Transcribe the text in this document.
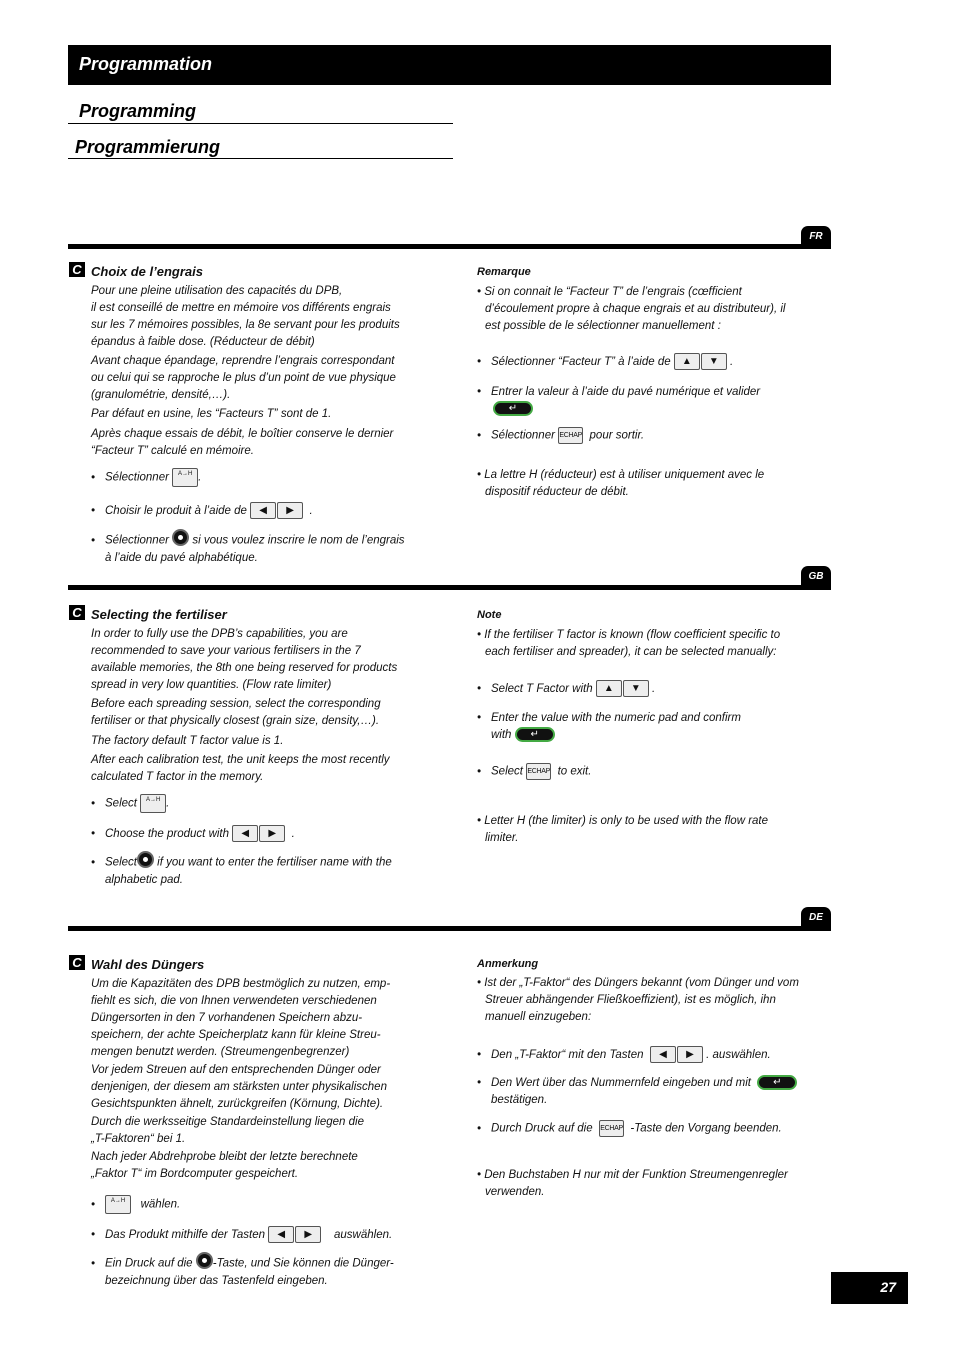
Programmation
Programming
Programmierung
FR
C Choix de l’engrais
Pour une pleine utilisation des capacités du DPB,
il est conseillé de mettre en mémoire vos différents engrais
sur les 7 mémoires possibles, la 8e servant pour les produits
épandus à faible dose. (Réducteur de débit)
Avant chaque épandage, reprendre l’engrais correspondant
ou celui qui se rapproche le plus d’un point de vue physique
(granulométrie, densité,…).
Par défaut en usine, les “Facteurs T” sont de 1.
Après chaque essais de débit, le boîtier conserve le dernier
“Facteur T” calculé en mémoire.
• Sélectionner A→H .
• Choisir le produit à l’aide de ◀ ▶ .
• Sélectionner si vous voulez inscrire le nom de l’engrais
à l’aide du pavé alphabétique.
Remarque
• Si on connait le “Facteur T” de l’engrais (cœfficient
d’écoulement propre à chaque engrais et au distributeur), il
est possible de le sélectionner manuellement :
• Sélectionner “Facteur T” à l’aide de ▲ ▼ .
• Entrer la valeur à l’aide du pavé numérique et valider
↵
• Sélectionner ECHAP pour sortir.
• La lettre H (réducteur) est à utiliser uniquement avec le
dispositif réducteur de débit.
GB
C Selecting the fertiliser
In order to fully use the DPB’s capabilities, you are
recommended to save your various fertilisers in the 7
available memories, the 8th one being reserved for products
spread in very low quantities. (Flow rate limiter)
Before each spreading session, select the corresponding
fertiliser or that physically closest (grain size, density,…).
The factory default T factor value is 1.
After each calibration test, the unit keeps the most recently
calculated T factor in the memory.
• Select A→H .
• Choose the product with ◀ ▶ .
• Select if you want to enter the fertiliser name with the
alphabetic pad.
Note
• If the fertiliser T factor is known (flow coefficient specific to
each fertiliser and spreader), it can be selected manually:
• Select T Factor with ▲ ▼ .
• Enter the value with the numeric pad and confirm
with ↵
• Select ECHAP to exit.
• Letter H (the limiter) is only to be used with the flow rate
limiter.
DE
C Wahl des Düngers
Um die Kapazitäten des DPB bestmöglich zu nutzen, emp-
fiehlt es sich, die von Ihnen verwendeten verschiedenen
Düngersorten in den 7 vorhandenen Speichern abzu-
speichern, der achte Speicherplatz kann für kleine Streu-
mengen benutzt werden. (Streumengenbegrenzer)
Vor jedem Streuen auf den entsprechenden Dünger oder
denjenigen, der diesem am stärksten unter physikalischen
Gesichtspunkten ähnelt, zurückgreifen (Körnung, Dichte).
Durch die werksseitige Standardeinstellung liegen die
„T-Faktoren“ bei 1.
Nach jeder Abdrehprobe bleibt der letzte berechnete
„Faktor T“ im Bordcomputer gespeichert.
•	A→H wählen.
• Das Produkt mithilfe der Tasten ◀ ▶ auswählen.
• Ein Druck auf die -Taste, und Sie können die Dünger-
bezeichnung über das Tastenfeld eingeben.
Anmerkung
• Ist der „T-Faktor“ des Düngers bekannt (vom Dünger und vom
Streuer abhängender Fließkoeffizient), ist es möglich, ihn
manuell einzugeben:
• Den „T-Faktor“ mit den Tasten ◀ ▶ . auswählen.
• Den Wert über das Nummernfeld eingeben und mit ↵
bestätigen.
• Durch Druck auf die ECHAP -Taste den Vorgang beenden.
• Den Buchstaben H nur mit der Funktion Streumengenregler
verwenden.
27
